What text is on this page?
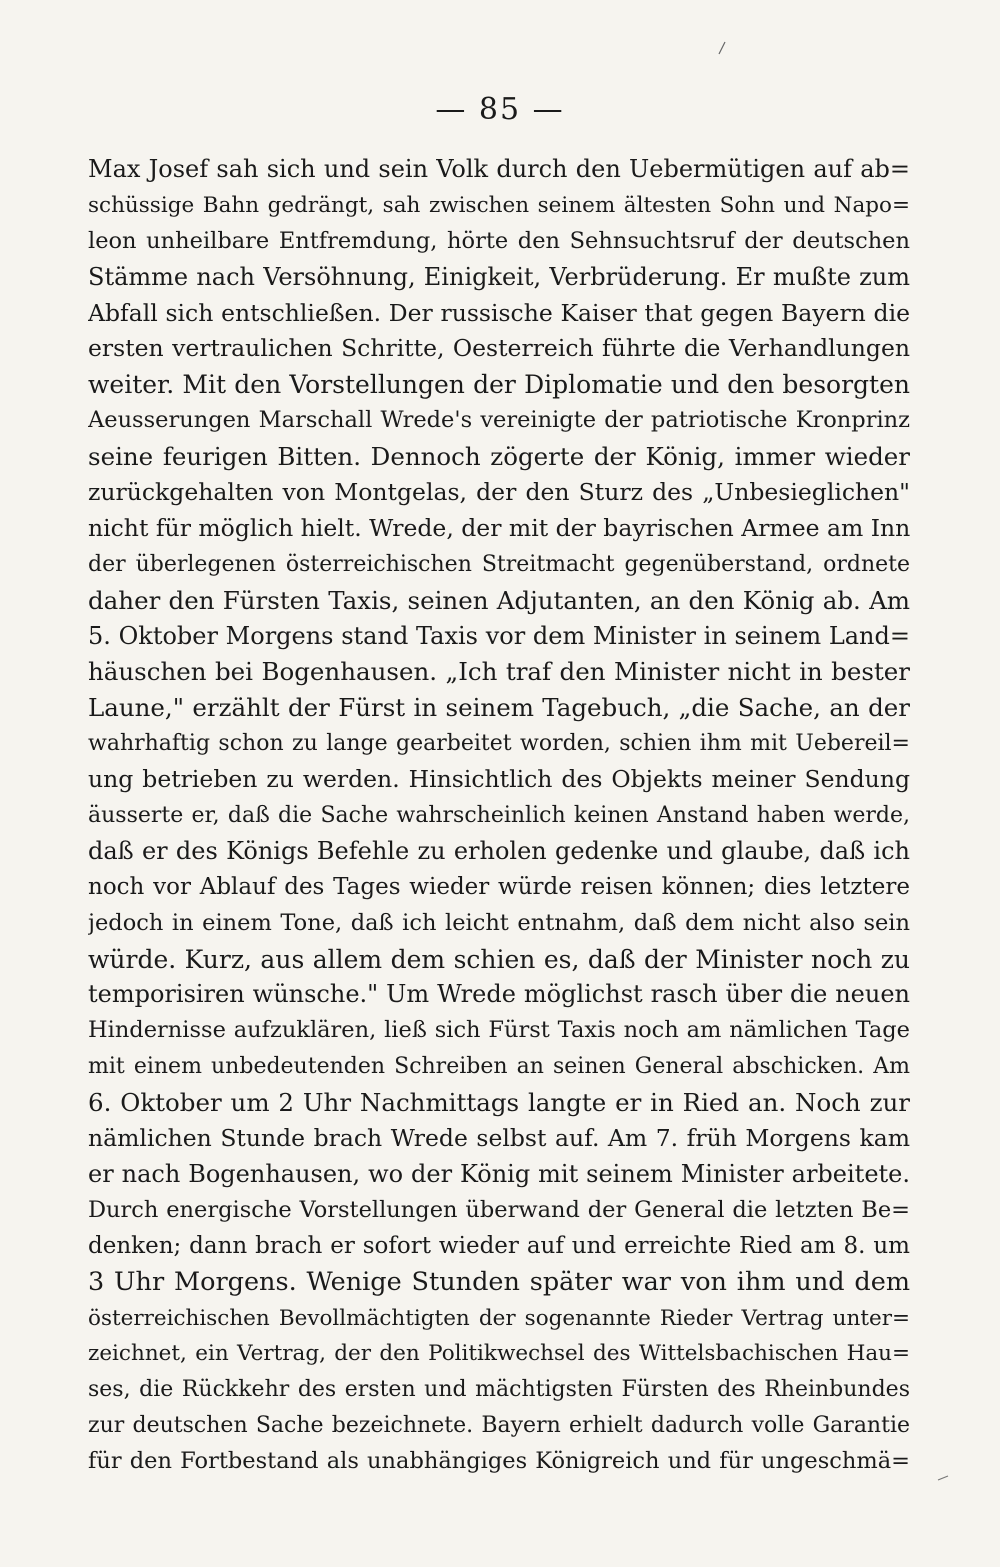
— 85 —
Max Josef sah sich und sein Volk durch den Uebermütigen auf ab=
schüssige Bahn gedrängt, sah zwischen seinem ältesten Sohn und Napo=
leon unheilbare Entfremdung, hörte den Sehnsuchtsruf der deutschen
Stämme nach Versöhnung, Einigkeit, Verbrüderung. Er mußte zum
Abfall sich entschließen. Der russische Kaiser that gegen Bayern die
ersten vertraulichen Schritte, Oesterreich führte die Verhandlungen
weiter. Mit den Vorstellungen der Diplomatie und den besorgten
Aeusserungen Marschall Wrede's vereinigte der patriotische Kronprinz
seine feurigen Bitten. Dennoch zögerte der König, immer wieder
zurückgehalten von Montgelas, der den Sturz des „Unbesieglichen"
nicht für möglich hielt. Wrede, der mit der bayrischen Armee am Inn
der überlegenen österreichischen Streitmacht gegenüberstand, ordnete
daher den Fürsten Taxis, seinen Adjutanten, an den König ab. Am
5. Oktober Morgens stand Taxis vor dem Minister in seinem Land=
häuschen bei Bogenhausen. „Ich traf den Minister nicht in bester
Laune," erzählt der Fürst in seinem Tagebuch, „die Sache, an der
wahrhaftig schon zu lange gearbeitet worden, schien ihm mit Uebereil=
ung betrieben zu werden. Hinsichtlich des Objekts meiner Sendung
äusserte er, daß die Sache wahrscheinlich keinen Anstand haben werde,
daß er des Königs Befehle zu erholen gedenke und glaube, daß ich
noch vor Ablauf des Tages wieder würde reisen können; dies letztere
jedoch in einem Tone, daß ich leicht entnahm, daß dem nicht also sein
würde. Kurz, aus allem dem schien es, daß der Minister noch zu
temporisiren wünsche." Um Wrede möglichst rasch über die neuen
Hindernisse aufzuklären, ließ sich Fürst Taxis noch am nämlichen Tage
mit einem unbedeutenden Schreiben an seinen General abschicken. Am
6. Oktober um 2 Uhr Nachmittags langte er in Ried an. Noch zur
nämlichen Stunde brach Wrede selbst auf. Am 7. früh Morgens kam
er nach Bogenhausen, wo der König mit seinem Minister arbeitete.
Durch energische Vorstellungen überwand der General die letzten Be=
denken; dann brach er sofort wieder auf und erreichte Ried am 8. um
3 Uhr Morgens. Wenige Stunden später war von ihm und dem
österreichischen Bevollmächtigten der sogenannte Rieder Vertrag unter=
zeichnet, ein Vertrag, der den Politikwechsel des Wittelsbachischen Hau=
ses, die Rückkehr des ersten und mächtigsten Fürsten des Rheinbundes
zur deutschen Sache bezeichnete. Bayern erhielt dadurch volle Garantie
für den Fortbestand als unabhängiges Königreich und für ungeschmä=
